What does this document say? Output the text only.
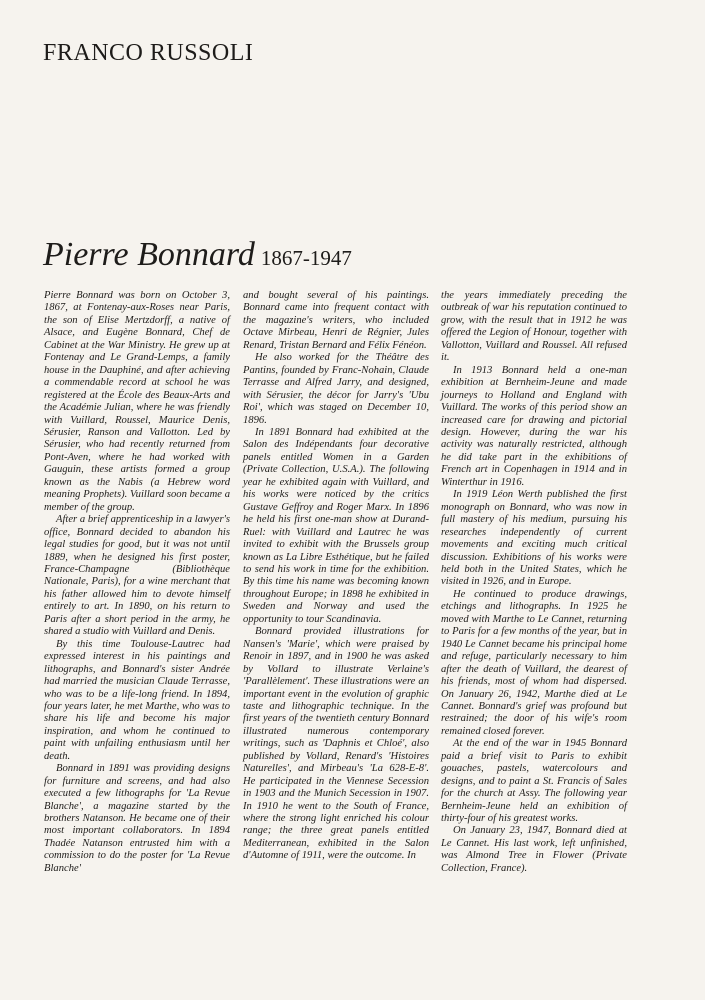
FRANCO RUSSOLI
Pierre Bonnard 1867-1947

Pierre Bonnard was born on October 3, 1867, at Fontenay-aux-Roses near Paris, the son of Elise Mertzdorff, a native of Alsace, and Eugène Bonnard, Chef de Cabinet at the War Ministry. He grew up at Fontenay and Le Grand-Lemps, a family house in the Dauphiné, and after achieving a commendable record at school he was registered at the École des Beaux-Arts and the Académie Julian, where he was friendly with Vuillard, Roussel, Maurice Denis, Sérusier, Ranson and Vallotton. Led by Sérusier, who had recently returned from Pont-Aven, where he had worked with Gauguin, these artists formed a group known as the Nabis (a Hebrew word meaning Prophets). Vuillard soon became a member of the group.

After a brief apprenticeship in a lawyer's office, Bonnard decided to abandon his legal studies for good, but it was not until 1889, when he designed his first poster, France-Champagne (Bibliothèque Nationale, Paris), for a wine merchant that his father allowed him to devote himself entirely to art. In 1890, on his return to Paris after a short period in the army, he shared a studio with Vuillard and Denis.

By this time Toulouse-Lautrec had expressed interest in his paintings and lithographs, and Bonnard's sister Andrée had married the musician Claude Terrasse, who was to be a life-long friend. In 1894, four years later, he met Marthe, who was to share his life and become his major inspiration, and whom he continued to paint with unfailing enthusiasm until her death.

Bonnard in 1891 was providing designs for furniture and screens, and had also executed a few lithographs for 'La Revue Blanche', a magazine started by the brothers Natanson. He became one of their most important collaborators. In 1894 Thadée Natanson entrusted him with a commission to do the poster for 'La Revue Blanche'

and bought several of his paintings. Bonnard came into frequent contact with the magazine's writers, who included Octave Mirbeau, Henri de Régnier, Jules Renard, Tristan Bernard and Félix Fénéon.

He also worked for the Théâtre des Pantins, founded by Franc-Nohain, Claude Terrasse and Alfred Jarry, and designed, with Sérusier, the décor for Jarry's 'Ubu Roi', which was staged on December 10, 1896.

In 1891 Bonnard had exhibited at the Salon des Indépendants four decorative panels entitled Women in a Garden (Private Collection, U.S.A.). The following year he exhibited again with Vuillard, and his works were noticed by the critics Gustave Geffroy and Roger Marx. In 1896 he held his first one-man show at Durand-Ruel: with Vuillard and Lautrec he was invited to exhibit with the Brussels group known as La Libre Esthétique, but he failed to send his work in time for the exhibition. By this time his name was becoming known throughout Europe; in 1898 he exhibited in Sweden and Norway and used the opportunity to tour Scandinavia.

Bonnard provided illustrations for Nansen's 'Marie', which were praised by Renoir in 1897, and in 1900 he was asked by Vollard to illustrate Verlaine's 'Parallèlement'. These illustrations were an important event in the evolution of graphic taste and lithographic technique. In the first years of the twentieth century Bonnard illustrated numerous contemporary writings, such as 'Daphnis et Chloé', also published by Vollard, Renard's 'Histoires Naturelles', and Mirbeau's 'La 628-E-8'. He participated in the Viennese Secession in 1903 and the Munich Secession in 1907. In 1910 he went to the South of France, where the strong light enriched his colour range; the three great panels entitled Mediterranean, exhibited in the Salon d'Automne of 1911, were the outcome. In

the years immediately preceding the outbreak of war his reputation continued to grow, with the result that in 1912 he was offered the Legion of Honour, together with Vallotton, Vuillard and Roussel. All refused it.

In 1913 Bonnard held a one-man exhibition at Bernheim-Jeune and made journeys to Holland and England with Vuillard. The works of this period show an increased care for drawing and pictorial design. However, during the war his activity was naturally restricted, although he did take part in the exhibitions of French art in Copenhagen in 1914 and in Winterthur in 1916.

In 1919 Léon Werth published the first monograph on Bonnard, who was now in full mastery of his medium, pursuing his researches independently of current movements and exciting much critical discussion. Exhibitions of his works were held both in the United States, which he visited in 1926, and in Europe.

He continued to produce drawings, etchings and lithographs. In 1925 he moved with Marthe to Le Cannet, returning to Paris for a few months of the year, but in 1940 Le Cannet became his principal home and refuge, particularly necessary to him after the death of Vuillard, the dearest of his friends, most of whom had dispersed. On January 26, 1942, Marthe died at Le Cannet. Bonnard's grief was profound but restrained; the door of his wife's room remained closed forever.

At the end of the war in 1945 Bonnard paid a brief visit to Paris to exhibit gouaches, pastels, watercolours and designs, and to paint a St. Francis of Sales for the church at Assy. The following year Bernheim-Jeune held an exhibition of thirty-four of his greatest works.

On January 23, 1947, Bonnard died at Le Cannet. His last work, left unfinished, was Almond Tree in Flower (Private Collection, France).
